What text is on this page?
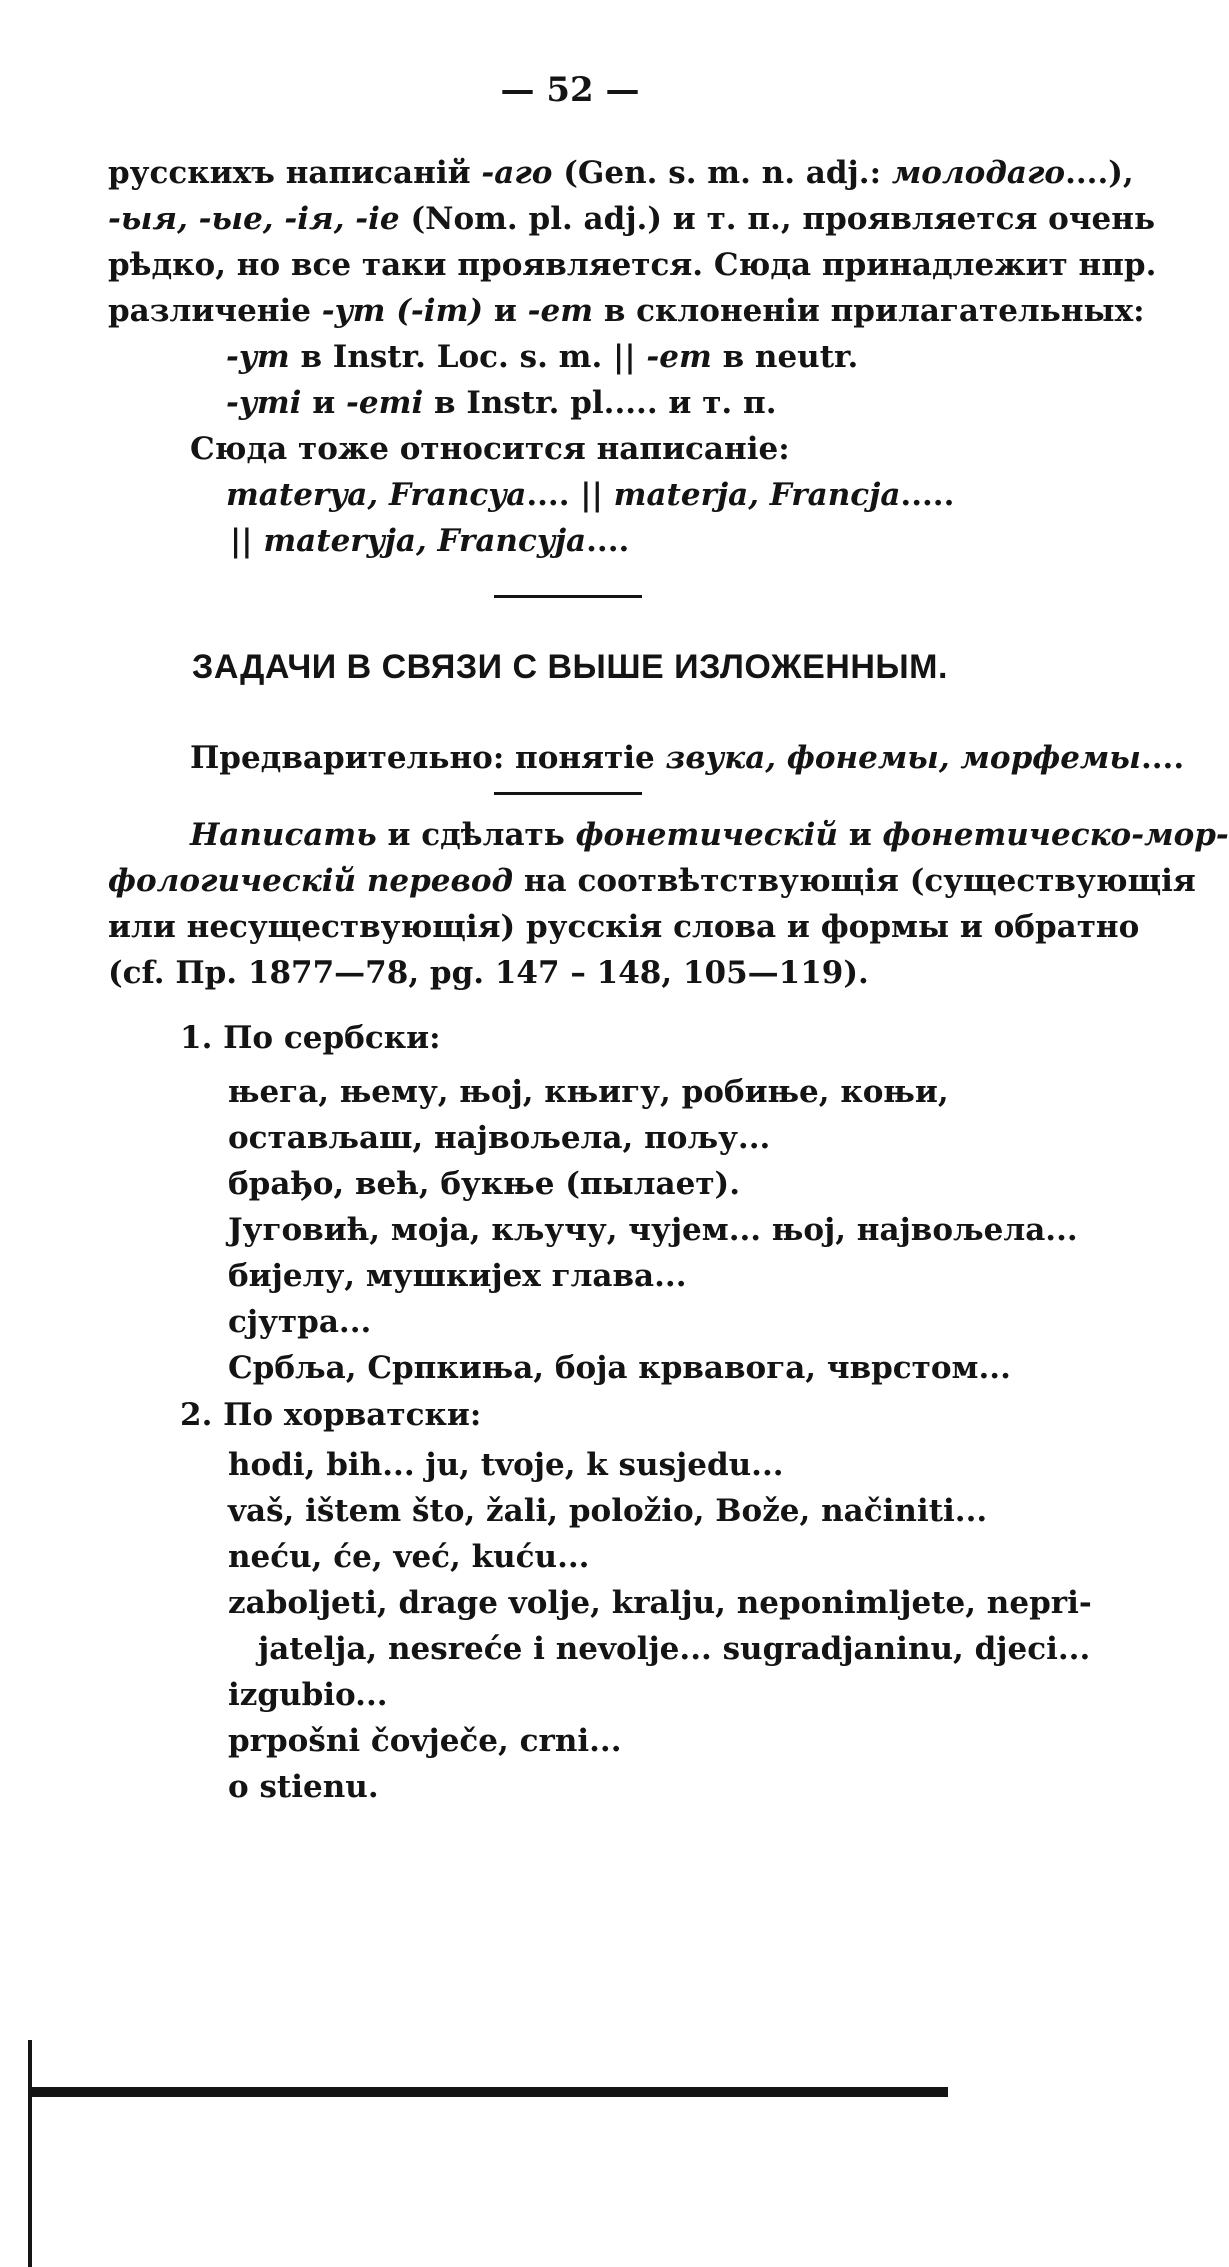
— 52 —
русскихъ написаній -аго (Gen. s. m. n. adj.: молодаго....),
-ыя, -ые, -ія, -іе (Nom. pl. adj.) и т. п., проявляется очень
рѣдко, но все таки проявляется. Сюда принадлежит нпр.
различеніе -ym (-im) и -em в склоненіи прилагательных:
-ym в Instr. Loc. s. m. || -em в neutr.
-ymi и -emi в Instr. pl..... и т. п.
Сюда тоже относится написаніе:
materya, Francya.... || materja, Francja.....
|| materyja, Francyja....
ЗАДАЧИ В СВЯЗИ С ВЫШЕ ИЗЛОЖЕННЫМ.
Предварительно: понятіе звука, фонемы, морфемы....
Написать и сдѣлать фонетическій и фонетическо-мор-
фологическій перевод на соотвѣтствующія (существующія
или несуществующія) русскія слова и формы и обратно
(cf. Пр. 1877—78, pg. 147 – 148, 105—119).
1. По сербски:
њега, њему, њој, књигу, робиње, коњи,
остављаш, највољела, пољу...
брађо, већ, букње (пылает).
Југовић, моја, кључу, чујем... њој, највољела...
бијелу, мушкијех глава...
сјутра...
Србља, Српкиња, боја крвавога, чврстом...
2. По хорватски:
hodi, bih... ju, tvoje, k susjedu...
vaš, ištem što, žali, položio, Bože, načiniti...
neću, će, već, kuću...
zaboljeti, drage volje, kralju, neponimljete, nepri-
jatelja, nesreće i nevolje... sugradjaninu, djeci...
izgubio...
prpošni čovječe, crni...
o stienu.
